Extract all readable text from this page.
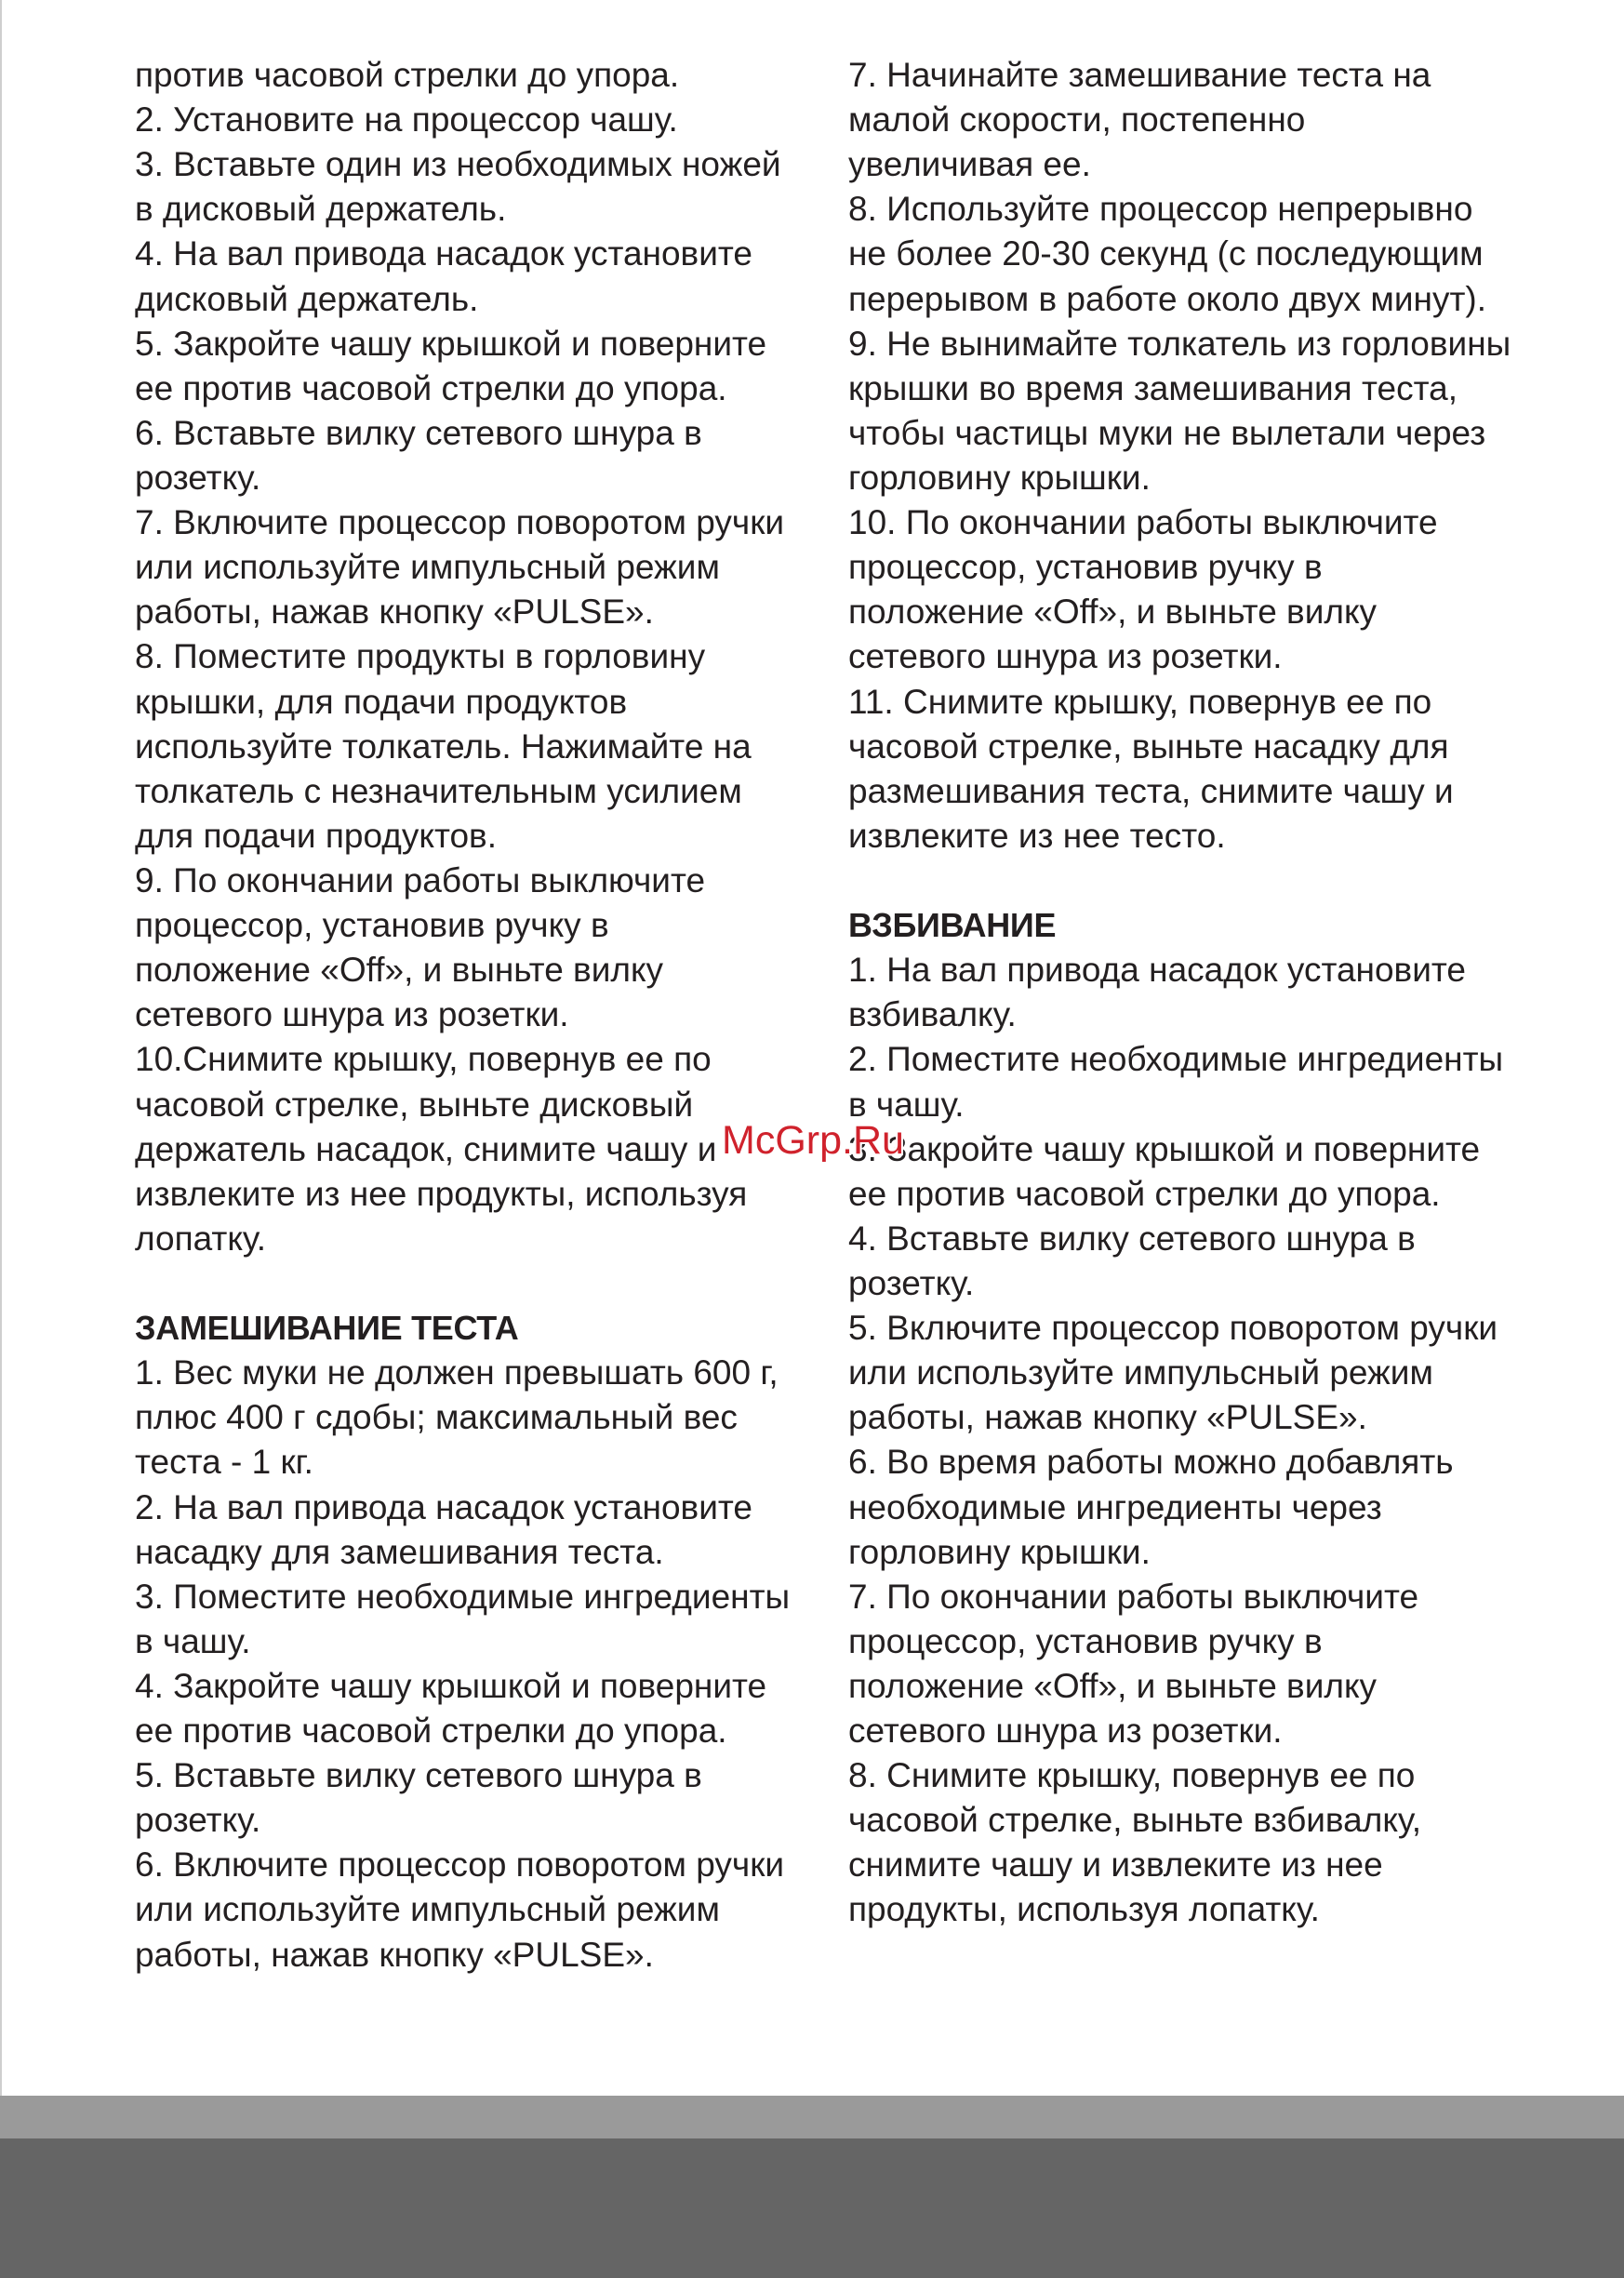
против часовой стрелки до упора.
2. Установите на процессор чашу.
3. Вставьте один из необходимых ножей
в дисковый держатель.
4. На вал привода насадок установите
дисковый держатель.
5. Закройте чашу крышкой и поверните
ее против часовой стрелки до упора.
6. Вставьте вилку сетевого шнура в
розетку.
7. Включите процессор поворотом ручки
или используйте импульсный режим
работы, нажав кнопку «PULSE».
8. Поместите продукты в горловину
крышки, для подачи продуктов
используйте толкатель. Нажимайте на
толкатель с незначительным усилием
для подачи продуктов.
9. По окончании работы выключите
процессор, установив ручку в
положение «Off», и выньте вилку
сетевого шнура из розетки.
10.Снимите крышку, повернув ее по
часовой стрелке, выньте дисковый
держатель насадок, снимите чашу и
извлеките из нее продукты, используя
лопатку.
ЗАМЕШИВАНИЕ ТЕСТА
1. Вес муки не должен превышать 600 г,
плюс 400 г сдобы; максимальный вес
теста - 1 кг.
2. На вал привода насадок установите
насадку для замешивания теста.
3. Поместите необходимые ингредиенты
в чашу.
4. Закройте чашу крышкой и поверните
ее против часовой стрелки до упора.
5. Вставьте вилку сетевого шнура в
розетку.
6. Включите процессор поворотом ручки
или используйте импульсный режим
работы, нажав кнопку «PULSE».
7. Начинайте замешивание теста на
малой скорости, постепенно
увеличивая ее.
8. Используйте процессор непрерывно
не более 20-30 секунд (с последующим
перерывом в работе около двух минут).
9. Не вынимайте толкатель из горловины
крышки во время замешивания теста,
чтобы частицы муки не вылетали через
горловину крышки.
10. По окончании работы выключите
процессор, установив ручку в
положение «Off», и выньте вилку
сетевого шнура из розетки.
11. Снимите крышку, повернув ее по
часовой стрелке, выньте насадку для
размешивания теста, снимите чашу и
извлеките из нее тесто.
ВЗБИВАНИЕ
1. На вал привода насадок установите
взбивалку.
2. Поместите необходимые ингредиенты
в чашу.
3. Закройте чашу крышкой и поверните
ее против часовой стрелки до упора.
4. Вставьте вилку сетевого шнура в
розетку.
5. Включите процессор поворотом ручки
или используйте импульсный режим
работы, нажав кнопку «PULSE».
6. Во время работы можно добавлять
необходимые ингредиенты через
горловину крышки.
7. По окончании работы выключите
процессор, установив ручку в
положение «Off», и выньте вилку
сетевого шнура из розетки.
8. Снимите крышку, повернув ее по
часовой стрелке, выньте взбивалку,
снимите чашу и извлеките из нее
продукты, используя лопатку.
McGrp.Ru
